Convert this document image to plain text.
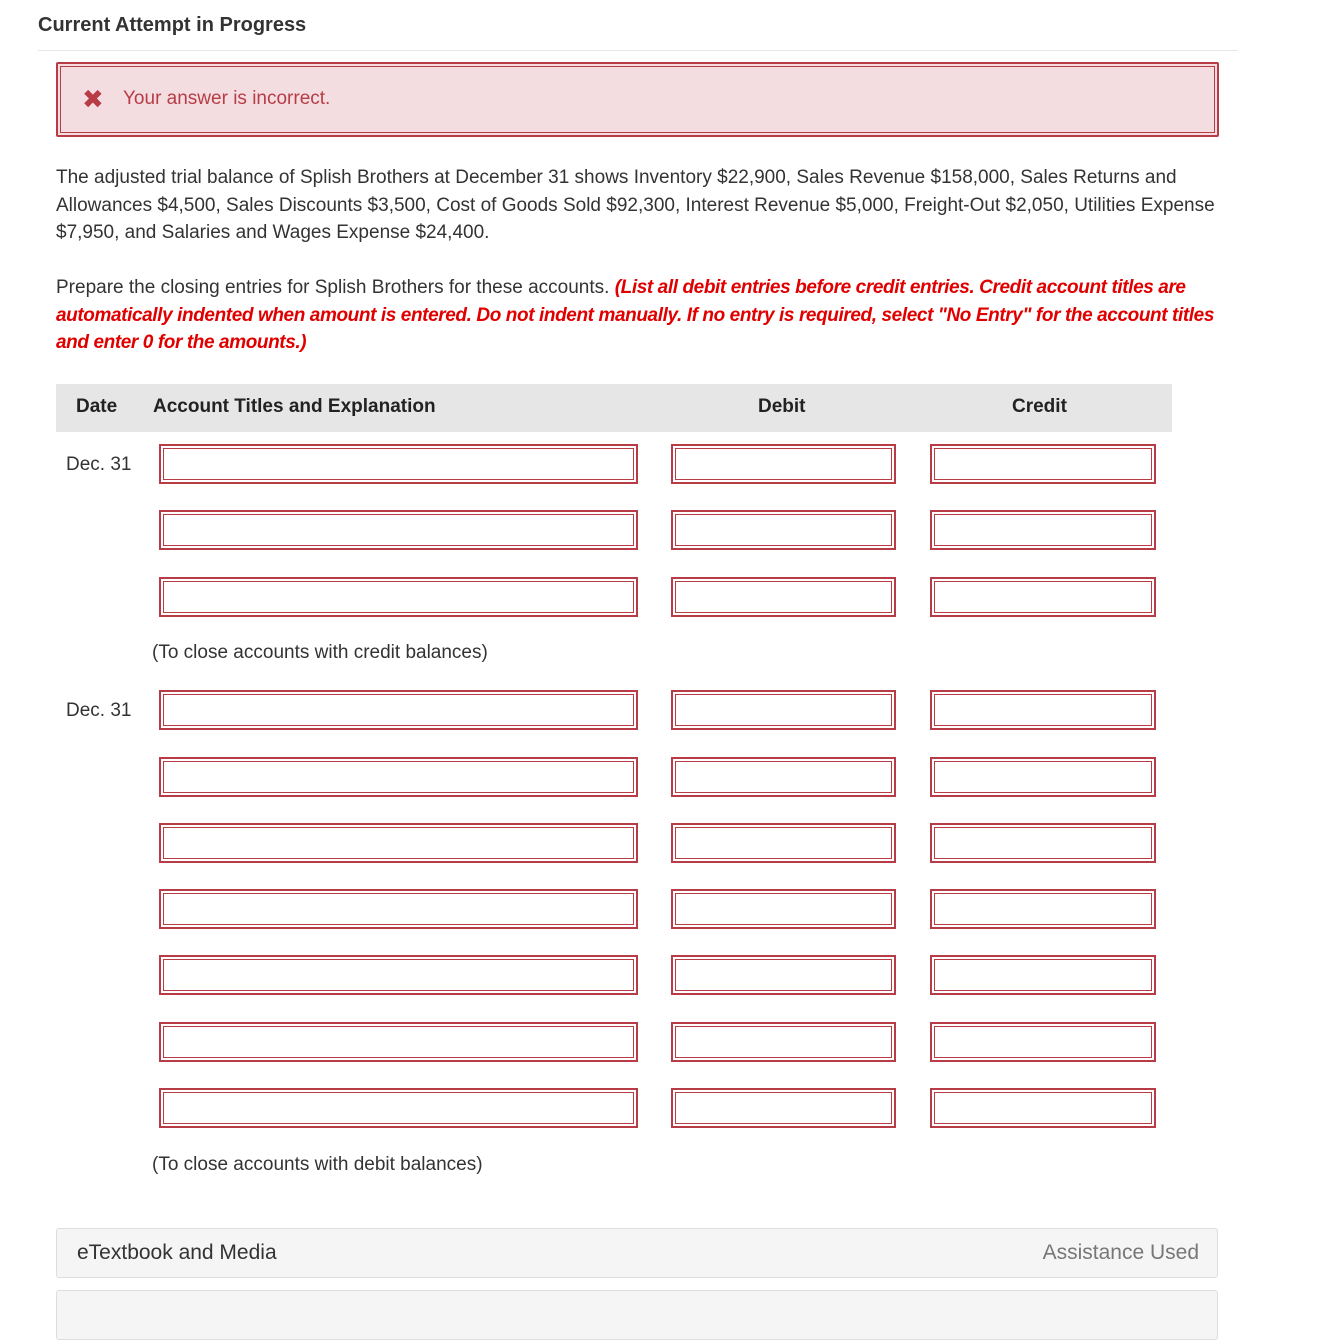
Current Attempt in Progress
✖ Your answer is incorrect.
The adjusted trial balance of Splish Brothers at December 31 shows Inventory $22,900, Sales Revenue $158,000, Sales Returns and Allowances $4,500, Sales Discounts $3,500, Cost of Goods Sold $92,300, Interest Revenue $5,000, Freight-Out $2,050, Utilities Expense $7,950, and Salaries and Wages Expense $24,400.
Prepare the closing entries for Splish Brothers for these accounts. (List all debit entries before credit entries. Credit account titles are automatically indented when amount is entered. Do not indent manually. If no entry is required, select "No Entry" for the account titles and enter 0 for the amounts.)
Date Account Titles and Explanation	Debit	Credit
Dec. 31
(To close accounts with credit balances)
Dec. 31
(To close accounts with debit balances)
eTextbook and Media	Assistance Used
